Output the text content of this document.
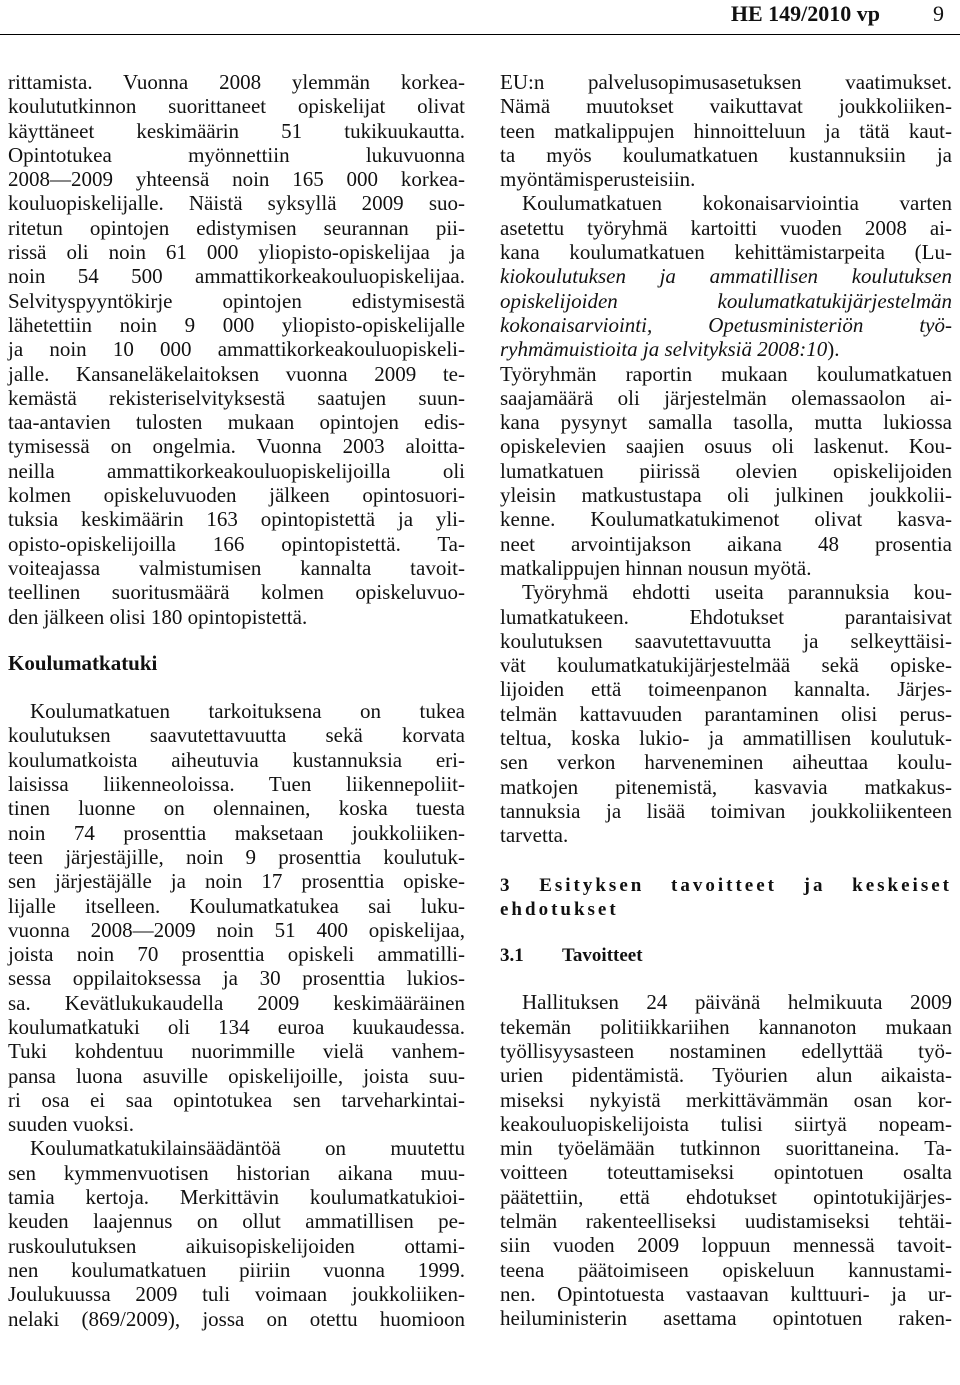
HE 149/2010 vp 9
rittamista. Vuonna 2008 ylemmän korkea-
koulututkinnon suorittaneet opiskelijat olivat
käyttäneet keskimäärin 51 tukikuukautta.
Opintotukea myönnettiin lukuvuonna
2008—2009 yhteensä noin 165 000 korkea-
kouluopiskelijalle. Näistä syksyllä 2009 suo-
ritetun opintojen edistymisen seurannan pii-
rissä oli noin 61 000 yliopisto-opiskelijaa ja
noin 54 500 ammattikorkeakouluopiskelijaa.
Selvityspyyntökirje opintojen edistymisestä
lähetettiin noin 9 000 yliopisto-opiskelijalle
ja noin 10 000 ammattikorkeakouluopiskeli-
jalle. Kansaneläkelaitoksen vuonna 2009 te-
kemästä rekisteriselvityksestä saatujen suun-
taa-antavien tulosten mukaan opintojen edis-
tymisessä on ongelmia. Vuonna 2003 aloitta-
neilla ammattikorkeakouluopiskelijoilla oli
kolmen opiskeluvuoden jälkeen opintosuori-
tuksia keskimäärin 163 opintopistettä ja yli-
opisto-opiskelijoilla 166 opintopistettä. Ta-
voiteajassa valmistumisen kannalta tavoit-
teellinen suoritusmäärä kolmen opiskeluvuo-
den jälkeen olisi 180 opintopistettä.
Koulumatkatuki
Koulumatkatuen tarkoituksena on tukea
koulutuksen saavutettavuutta sekä korvata
koulumatkoista aiheutuvia kustannuksia eri-
laisissa liikenneoloissa. Tuen liikennepoliit-
tinen luonne on olennainen, koska tuesta
noin 74 prosenttia maksetaan joukkoliiken-
teen järjestäjille, noin 9 prosenttia koulutuk-
sen järjestäjälle ja noin 17 prosenttia opiske-
lijalle itselleen. Koulumatkatukea sai luku-
vuonna 2008—2009 noin 51 400 opiskelijaa,
joista noin 70 prosenttia opiskeli ammatilli-
sessa oppilaitoksessa ja 30 prosenttia lukios-
sa. Kevätlukukaudella 2009 keskimääräinen
koulumatkatuki oli 134 euroa kuukaudessa.
Tuki kohdentuu nuorimmille vielä vanhem-
pansa luona asuville opiskelijoille, joista suu-
ri osa ei saa opintotukea sen tarveharkintai-
suuden vuoksi.
Koulumatkatukilainsäädäntöä on muutettu
sen kymmenvuotisen historian aikana muu-
tamia kertoja. Merkittävin koulumatkatukioi-
keuden laajennus on ollut ammatillisen pe-
ruskoulutuksen aikuisopiskelijoiden ottami-
nen koulumatkatuen piiriin vuonna 1999.
Joulukuussa 2009 tuli voimaan joukkoliiken-
nelaki (869/2009), jossa on otettu huomioon
EU:n palvelusopimusasetuksen vaatimukset.
Nämä muutokset vaikuttavat joukkoliiken-
teen matkalippujen hinnoitteluun ja tätä kaut-
ta myös koulumatkatuen kustannuksiin ja
myöntämisperusteisiin.
Koulumatkatuen kokonaisarviointia varten
asetettu työryhmä kartoitti vuoden 2008 ai-
kana koulumatkatuen kehittämistarpeita (Lu-
kiokoulutuksen ja ammatillisen koulutuksen
opiskelijoiden koulumatkatukijärjestelmän
kokonaisarviointi, Opetusministeriön työ-
ryhmämuistioita ja selvityksiä 2008:10).
Työryhmän raportin mukaan koulumatkatuen
saajamäärä oli järjestelmän olemassaolon ai-
kana pysynyt samalla tasolla, mutta lukiossa
opiskelevien saajien osuus oli laskenut. Kou-
lumatkatuen piirissä olevien opiskelijoiden
yleisin matkustustapa oli julkinen joukkolii-
kenne. Koulumatkatukimenot olivat kasva-
neet arvointijakson aikana 48 prosentia
matkalippujen hinnan nousun myötä.
Työryhmä ehdotti useita parannuksia kou-
lumatkatukeen. Ehdotukset parantaisivat
koulutuksen saavutettavuutta ja selkeyttäisi-
vät koulumatkatukijärjestelmää sekä opiske-
lijoiden että toimeenpanon kannalta. Järjes-
telmän kattavuuden parantaminen olisi perus-
teltua, koska lukio- ja ammatillisen koulutuk-
sen verkon harveneminen aiheuttaa koulu-
matkojen pitenemistä, kasvavia matkakus-
tannuksia ja lisää toimivan joukkoliikenteen
tarvetta.
3 Esityksen tavoitteet ja keskeiset
ehdotukset
3.1 Tavoitteet
Hallituksen 24 päivänä helmikuuta 2009
tekemän politiikkariihen kannanoton mukaan
työllisyysasteen nostaminen edellyttää työ-
urien pidentämistä. Työurien alun aikaista-
miseksi nykyistä merkittävämmän osan kor-
keakouluopiskelijoista tulisi siirtyä nopeam-
min työelämään tutkinnon suorittaneina. Ta-
voitteen toteuttamiseksi opintotuen osalta
päätettiin, että ehdotukset opintotukijärjes-
telmän rakenteelliseksi uudistamiseksi tehtäi-
siin vuoden 2009 loppuun mennessä tavoit-
teena päätoimiseen opiskeluun kannustami-
nen. Opintotuesta vastaavan kulttuuri- ja ur-
heiluministerin asettama opintotuen raken-
